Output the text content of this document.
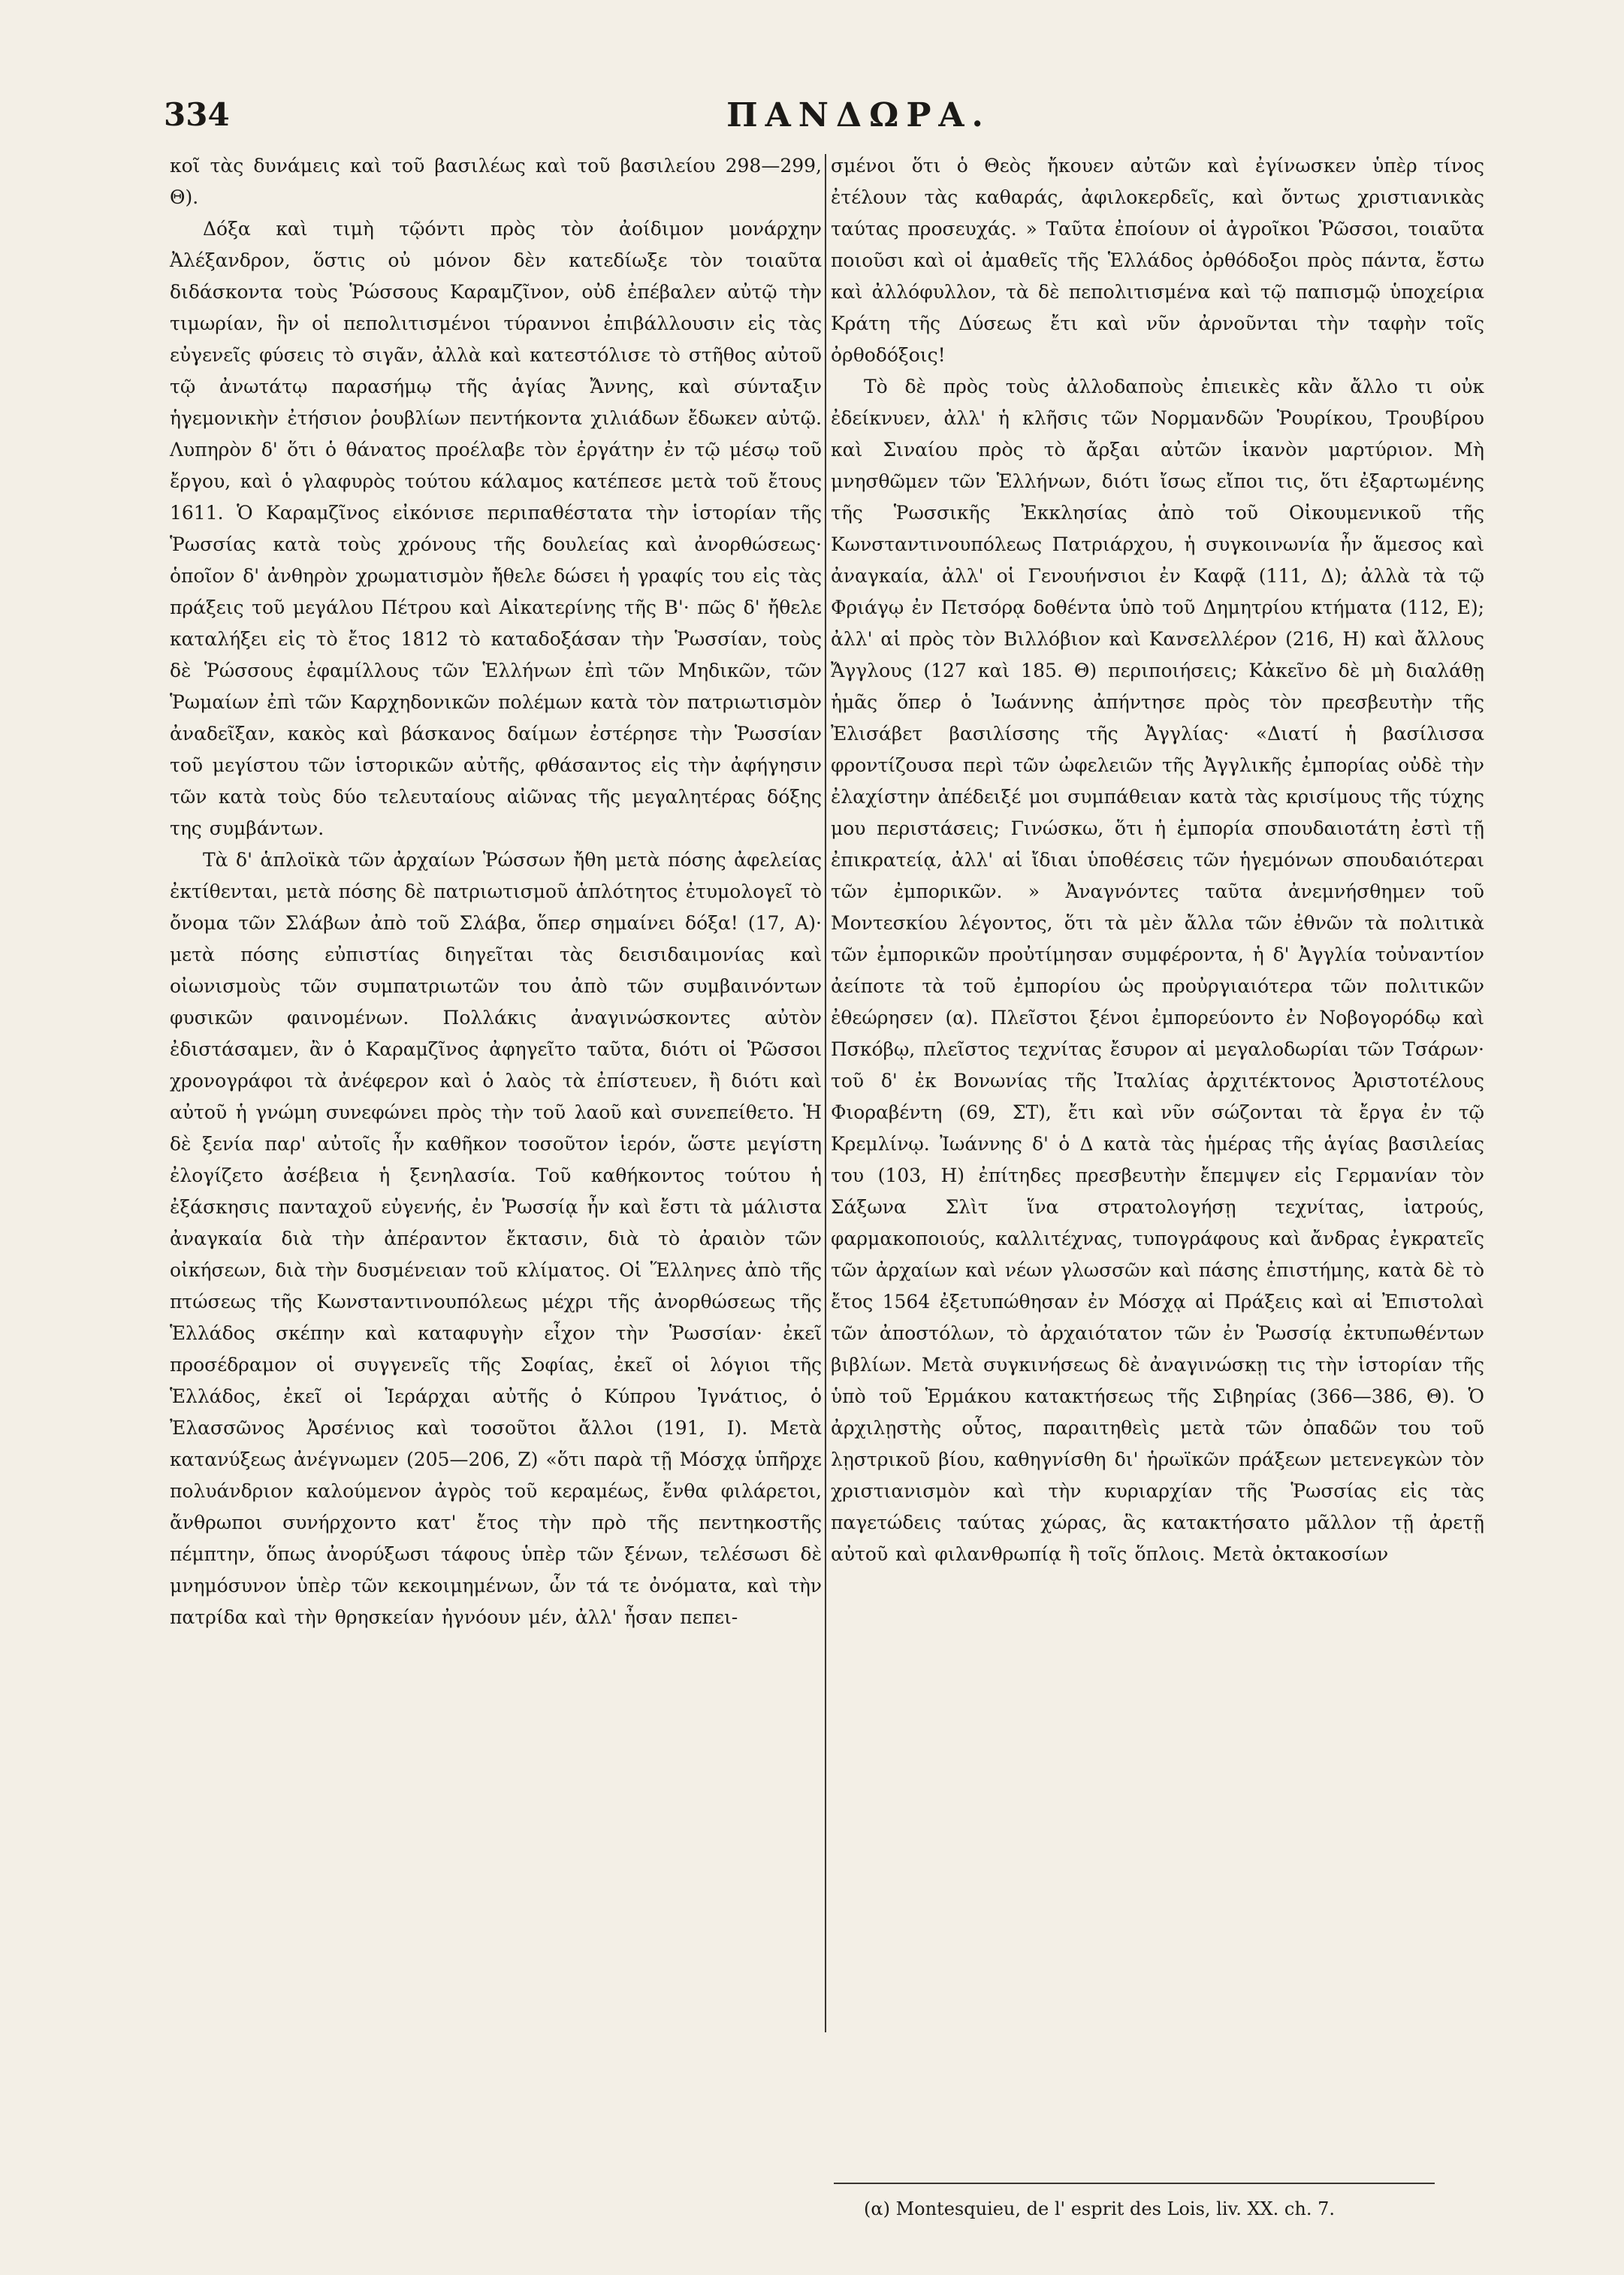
334	ΠΑΝΔΩΡΑ.

κοῖ τὰς δυνάμεις καὶ τοῦ βασιλέως καὶ τοῦ βασιλείου 298—299, Θ).

Δόξα καὶ τιμὴ τῷόντι πρὸς τὸν ἀοίδιμον μονάρχην Ἀλέξανδρον, ὅστις οὐ μόνον δὲν κατεδίωξε τὸν τοιαῦτα διδάσκοντα τοὺς Ῥώσσους Καραμζῖνον, οὐδ ἐπέβαλεν αὐτῷ τὴν τιμωρίαν, ἣν οἱ πεπολιτισμένοι τύραννοι ἐπιβάλλουσιν εἰς τὰς εὐγενεῖς φύσεις τὸ σιγᾶν, ἀλλὰ καὶ κατεστόλισε τὸ στῆθος αὐτοῦ τῷ ἀνωτάτῳ παρασήμῳ τῆς ἁγίας Ἄννης, καὶ σύνταξιν ἡγεμονικὴν ἐτήσιον ῥουβλίων πεντήκοντα χιλιάδων ἔδωκεν αὐτῷ. Λυπηρὸν δ' ὅτι ὁ θάνατος προέλαβε τὸν ἐργάτην ἐν τῷ μέσῳ τοῦ ἔργου, καὶ ὁ γλαφυρὸς τούτου κάλαμος κατέπεσε μετὰ τοῦ ἔτους 1611. Ὁ Καραμζῖνος εἰκόνισε περιπαθέστατα τὴν ἱστορίαν τῆς Ῥωσσίας κατὰ τοὺς χρόνους τῆς δουλείας καὶ ἀνορθώσεως· ὁποῖον δ' ἀνθηρὸν χρωματισμὸν ἤθελε δώσει ἡ γραφίς του εἰς τὰς πράξεις τοῦ μεγάλου Πέτρου καὶ Αἰκατερίνης τῆς Β'· πῶς δ' ἤθελε καταλήξει εἰς τὸ ἔτος 1812 τὸ καταδοξάσαν τὴν Ῥωσσίαν, τοὺς δὲ Ῥώσσους ἐφαμίλλους τῶν Ἑλλήνων ἐπὶ τῶν Μηδικῶν, τῶν Ῥωμαίων ἐπὶ τῶν Καρχηδονικῶν πολέμων κατὰ τὸν πατριωτισμὸν ἀναδεῖξαν, κακὸς καὶ βάσκανος δαίμων ἐστέρησε τὴν Ῥωσσίαν τοῦ μεγίστου τῶν ἱστορικῶν αὐτῆς, φθάσαντος εἰς τὴν ἀφήγησιν τῶν κατὰ τοὺς δύο τελευταίους αἰῶνας τῆς μεγαλητέρας δόξης της συμβάντων.

Τὰ δ' ἁπλοϊκὰ τῶν ἀρχαίων Ῥώσσων ἤθη μετὰ πόσης ἀφελείας ἐκτίθενται, μετὰ πόσης δὲ πατριωτισμοῦ ἁπλότητος ἐτυμολογεῖ τὸ ὄνομα τῶν Σλάβων ἀπὸ τοῦ Σλάβα, ὅπερ σημαίνει δόξα! (17, Α)· μετὰ πόσης εὐπιστίας διηγεῖται τὰς δεισιδαιμονίας καὶ οἰωνισμοὺς τῶν συμπατριωτῶν του ἀπὸ τῶν συμβαινόντων φυσικῶν φαινομένων. Πολλάκις ἀναγινώσκοντες αὐτὸν ἐδιστάσαμεν, ἂν ὁ Καραμζῖνος ἀφηγεῖτο ταῦτα, διότι οἱ Ῥῶσσοι χρονογράφοι τὰ ἀνέφερον καὶ ὁ λαὸς τὰ ἐπίστευεν, ἢ διότι καὶ αὐτοῦ ἡ γνώμη συνεφώνει πρὸς τὴν τοῦ λαοῦ καὶ συνεπείθετο. Ἡ δὲ ξενία παρ' αὐτοῖς ἦν καθῆκον τοσοῦτον ἱερόν, ὥστε μεγίστη ἐλογίζετο ἀσέβεια ἡ ξενηλασία. Τοῦ καθήκοντος τούτου ἡ ἐξάσκησις πανταχοῦ εὐγενής, ἐν Ῥωσσίᾳ ἦν καὶ ἔστι τὰ μάλιστα ἀναγκαία διὰ τὴν ἀπέραντον ἔκτασιν, διὰ τὸ ἀραιὸν τῶν οἰκήσεων, διὰ τὴν δυσμένειαν τοῦ κλίματος. Οἱ Ἕλληνες ἀπὸ τῆς πτώσεως τῆς Κωνσταντινουπόλεως μέχρι τῆς ἀνορθώσεως τῆς Ἑλλάδος σκέπην καὶ καταφυγὴν εἶχον τὴν Ῥωσσίαν· ἐκεῖ προσέδραμον οἱ συγγενεῖς τῆς Σοφίας, ἐκεῖ οἱ λόγιοι τῆς Ἑλλάδος, ἐκεῖ οἱ Ἱεράρχαι αὐτῆς ὁ Κύπρου Ἰγνάτιος, ὁ Ἐλασσῶνος Ἀρσένιος καὶ τοσοῦτοι ἄλλοι (191, Ι). Μετὰ κατανύξεως ἀνέγνωμεν (205—206, Ζ) «ὅτι παρὰ τῇ Μόσχᾳ ὑπῆρχε πολυάνδριον καλούμενον ἀγρὸς τοῦ κεραμέως, ἔνθα φιλάρετοι, ἄνθρωποι συνήρχοντο κατ' ἔτος τὴν πρὸ τῆς πεντηκοστῆς πέμπτην, ὅπως ἀνορύξωσι τάφους ὑπὲρ τῶν ξένων, τελέσωσι δὲ μνημόσυνον ὑπὲρ τῶν κεκοιμημένων, ὧν τά τε ὀνόματα, καὶ τὴν πατρίδα καὶ τὴν θρησκείαν ἠγνόουν μέν, ἀλλ' ἦσαν πεπει-

σμένοι ὅτι ὁ Θεὸς ἤκουεν αὐτῶν καὶ ἐγίνωσκεν ὑπὲρ τίνος ἐτέλουν τὰς καθαράς, ἀφιλοκερδεῖς, καὶ ὄντως χριστιανικὰς ταύτας προσευχάς. » Ταῦτα ἐποίουν οἱ ἀγροῖκοι Ῥῶσσοι, τοιαῦτα ποιοῦσι καὶ οἱ ἀμαθεῖς τῆς Ἑλλάδος ὀρθόδοξοι πρὸς πάντα, ἔστω καὶ ἀλλόφυλλον, τὰ δὲ πεπολιτισμένα καὶ τῷ παπισμῷ ὑποχείρια Κράτη τῆς Δύσεως ἔτι καὶ νῦν ἀρνοῦνται τὴν ταφὴν τοῖς ὀρθοδόξοις!

Τὸ δὲ πρὸς τοὺς ἀλλοδαποὺς ἐπιεικὲς κἂν ἄλλο τι οὐκ ἐδείκνυεν, ἀλλ' ἡ κλῆσις τῶν Νορμανδῶν Ῥουρίκου, Τρουβίρου καὶ Σιναίου πρὸς τὸ ἄρξαι αὐτῶν ἱκανὸν μαρτύριον. Μὴ μνησθῶμεν τῶν Ἑλλήνων, διότι ἴσως εἴποι τις, ὅτι ἐξαρτωμένης τῆς Ῥωσσικῆς Ἐκκλησίας ἀπὸ τοῦ Οἰκουμενικοῦ τῆς Κωνσταντινουπόλεως Πατριάρχου, ἡ συγκοινωνία ἦν ἅμεσος καὶ ἀναγκαία, ἀλλ' οἱ Γενουήνσιοι ἐν Καφᾷ (111, Δ); ἀλλὰ τὰ τῷ Φριάγῳ ἐν Πετσόρᾳ δοθέντα ὑπὸ τοῦ Δημητρίου κτήματα (112, Ε); ἀλλ' αἱ πρὸς τὸν Βιλλόβιον καὶ Κανσελλέρον (216, Η) καὶ ἄλλους Ἄγγλους (127 καὶ 185. Θ) περιποιήσεις; Κἀκεῖνο δὲ μὴ διαλάθῃ ἡμᾶς ὅπερ ὁ Ἰωάννης ἀπήντησε πρὸς τὸν πρεσβευτὴν τῆς Ἐλισάβετ βασιλίσσης τῆς Ἀγγλίας· «Διατί ἡ βασίλισσα φροντίζουσα περὶ τῶν ὠφελειῶν τῆς Ἀγγλικῆς ἐμπορίας οὐδὲ τὴν ἐλαχίστην ἀπέδειξέ μοι συμπάθειαν κατὰ τὰς κρισίμους τῆς τύχης μου περιστάσεις; Γινώσκω, ὅτι ἡ ἐμπορία σπουδαιοτάτη ἐστὶ τῇ ἐπικρατείᾳ, ἀλλ' αἱ ἴδιαι ὑποθέσεις τῶν ἡγεμόνων σπουδαιότεραι τῶν ἐμπορικῶν. » Ἀναγνόντες ταῦτα ἀνεμνήσθημεν τοῦ Μοντεσκίου λέγοντος, ὅτι τὰ μὲν ἄλλα τῶν ἐθνῶν τὰ πολιτικὰ τῶν ἐμπορικῶν προὐτίμησαν συμφέροντα, ἡ δ' Ἀγγλία τοὐναντίον ἀείποτε τὰ τοῦ ἐμπορίου ὡς προὐργιαιότερα τῶν πολιτικῶν ἐθεώρησεν (α). Πλεῖστοι ξένοι ἐμπορεύοντο ἐν Νοβογορόδῳ καὶ Πσκόβῳ, πλεῖστος τεχνίτας ἔσυρον αἱ μεγαλοδωρίαι τῶν Τσάρων· τοῦ δ' ἐκ Βονωνίας τῆς Ἰταλίας ἀρχιτέκτονος Ἀριστοτέλους Φιοραβέντη (69, ΣΤ), ἔτι καὶ νῦν σώζονται τὰ ἔργα ἐν τῷ Κρεμλίνῳ. Ἰωάννης δ' ὁ Δ κατὰ τὰς ἡμέρας τῆς ἁγίας βασιλείας του (103, Η) ἐπίτηδες πρεσβευτὴν ἔπεμψεν εἰς Γερμανίαν τὸν Σάξωνα Σλὶτ ἵνα στρατολογήσῃ τεχνίτας, ἰατρούς, φαρμακοποιούς, καλλιτέχνας, τυπογράφους καὶ ἄνδρας ἐγκρατεῖς τῶν ἀρχαίων καὶ νέων γλωσσῶν καὶ πάσης ἐπιστήμης, κατὰ δὲ τὸ ἔτος 1564 ἐξετυπώθησαν ἐν Μόσχᾳ αἱ Πράξεις καὶ αἱ Ἐπιστολαὶ τῶν ἀποστόλων, τὸ ἀρχαιότατον τῶν ἐν Ῥωσσίᾳ ἐκτυπωθέντων βιβλίων. Μετὰ συγκινήσεως δὲ ἀναγινώσκῃ τις τὴν ἱστορίαν τῆς ὑπὸ τοῦ Ἑρμάκου κατακτήσεως τῆς Σιβηρίας (366—386, Θ). Ὁ ἀρχιλῃστὴς οὗτος, παραιτηθεὶς μετὰ τῶν ὀπαδῶν του τοῦ λῃστρικοῦ βίου, καθηγνίσθη δι' ἡρωϊκῶν πράξεων μετενεγκὼν τὸν χριστιανισμὸν καὶ τὴν κυριαρχίαν τῆς Ῥωσσίας εἰς τὰς παγετώδεις ταύτας χώρας, ἃς κατακτήσατο μᾶλλον τῇ ἀρετῇ αὐτοῦ καὶ φιλανθρωπίᾳ ἢ τοῖς ὅπλοις. Μετὰ ὀκτακοσίων

(α) Montesquieu, de l' esprit des Lois, liv. XX. ch. 7.
